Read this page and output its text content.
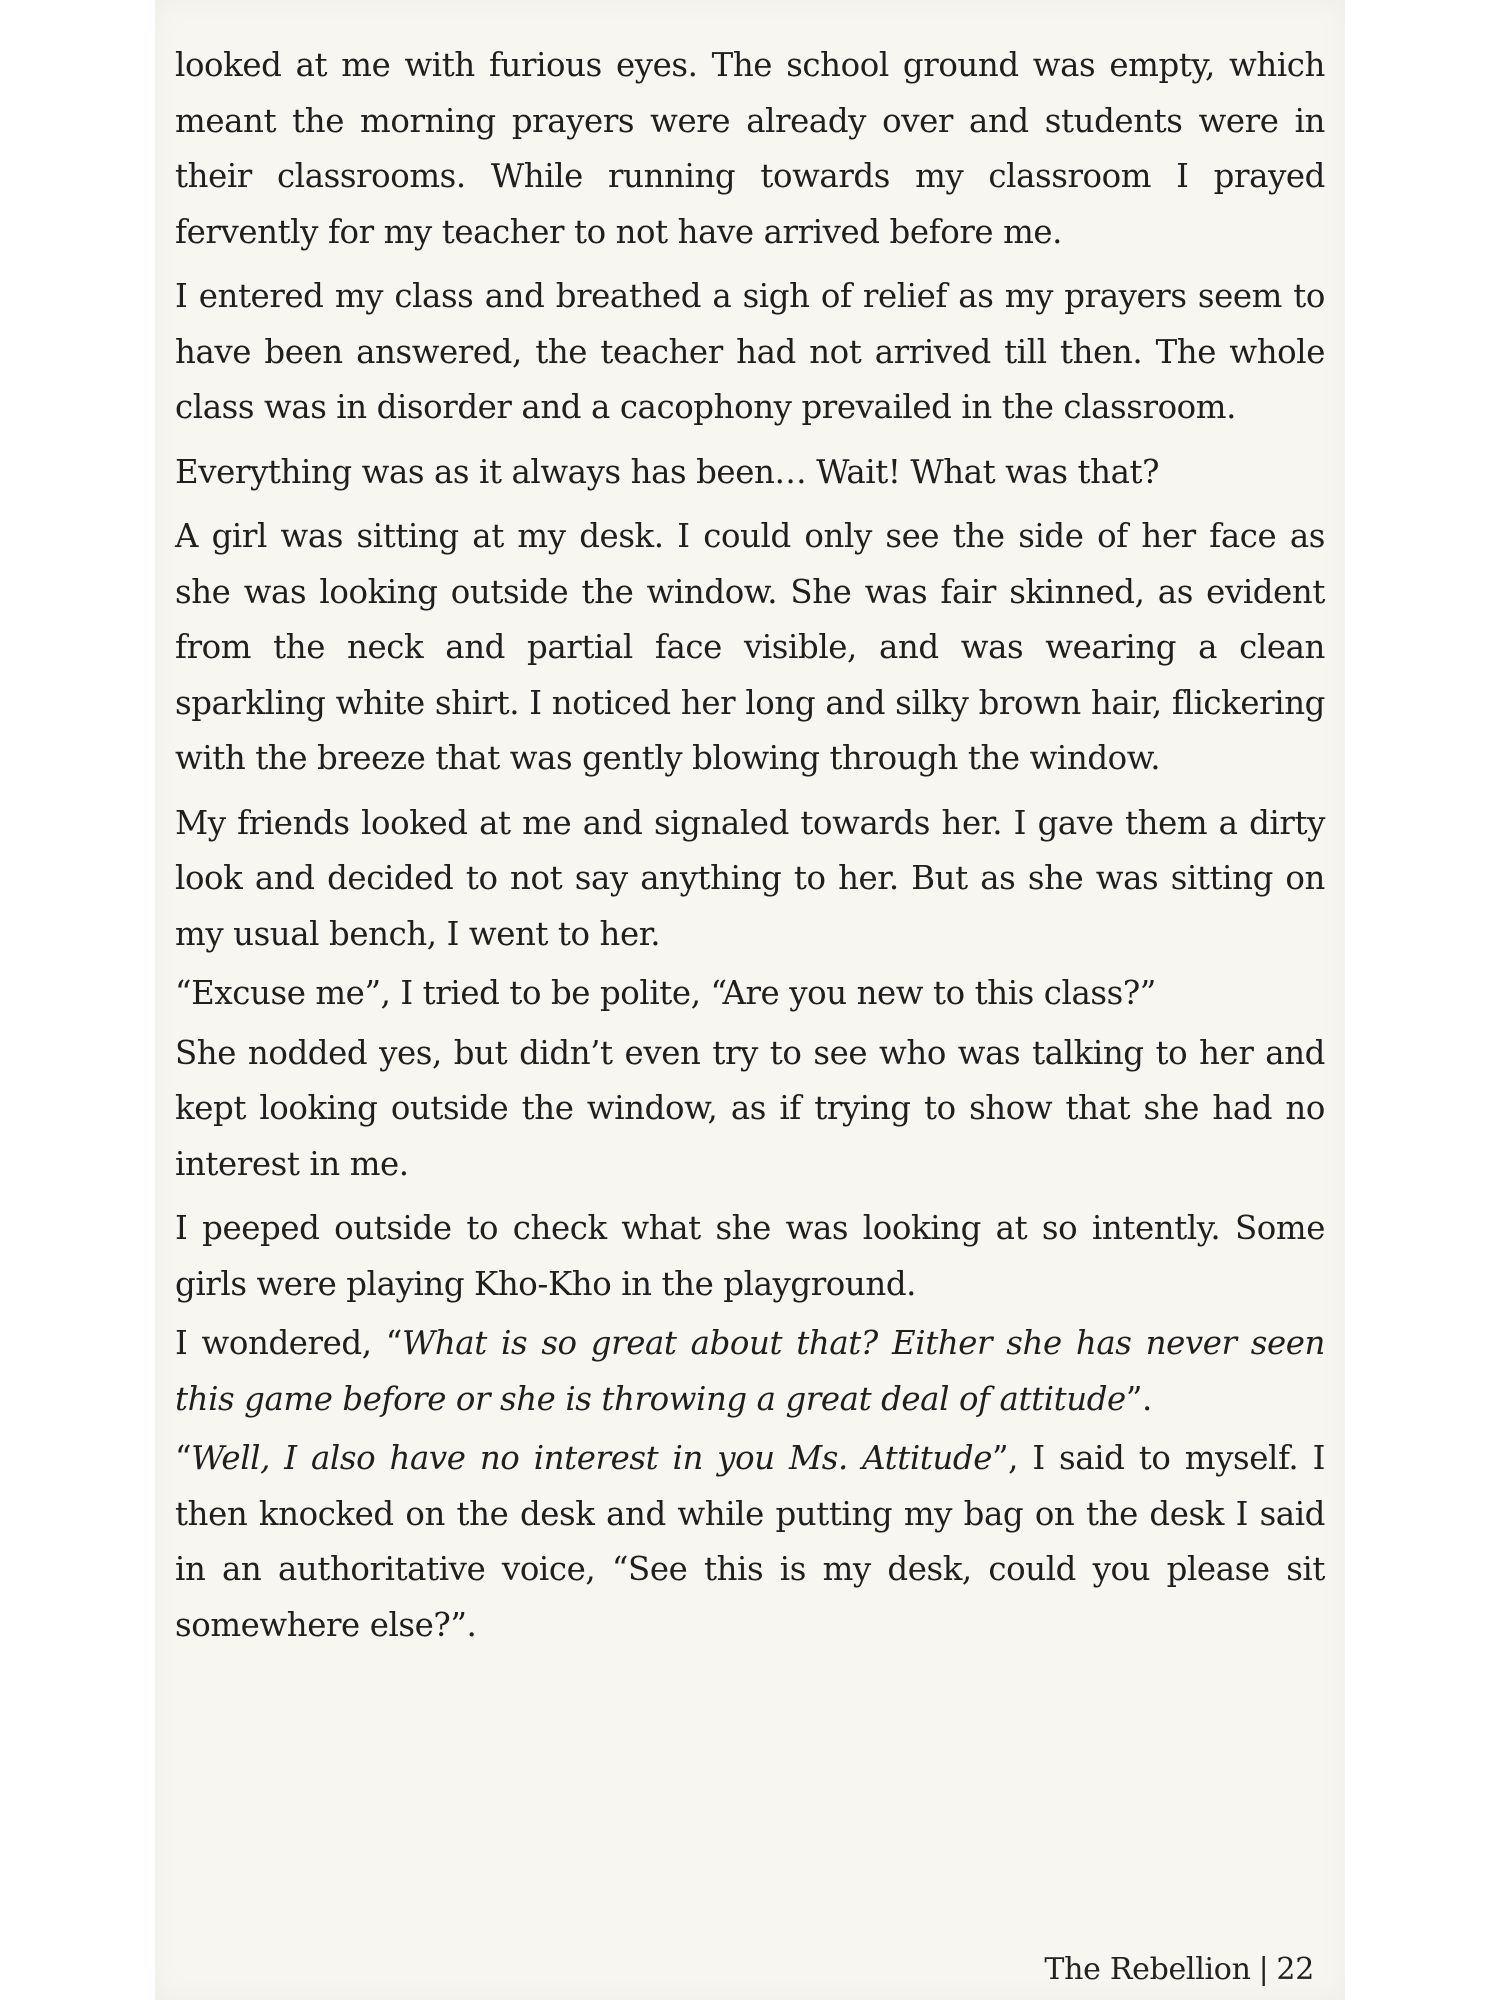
looked at me with furious eyes. The school ground was empty, which meant the morning prayers were already over and students were in their classrooms. While running towards my classroom I prayed fervently for my teacher to not have arrived before me.

I entered my class and breathed a sigh of relief as my prayers seem to have been answered, the teacher had not arrived till then. The whole class was in disorder and a cacophony prevailed in the classroom.

Everything was as it always has been… Wait! What was that?

A girl was sitting at my desk. I could only see the side of her face as she was looking outside the window. She was fair skinned, as evident from the neck and partial face visible, and was wearing a clean sparkling white shirt. I noticed her long and silky brown hair, flickering with the breeze that was gently blowing through the window.

My friends looked at me and signaled towards her. I gave them a dirty look and decided to not say anything to her. But as she was sitting on my usual bench, I went to her.

“Excuse me”, I tried to be polite, “Are you new to this class?”

She nodded yes, but didn’t even try to see who was talking to her and kept looking outside the window, as if trying to show that she had no interest in me.

I peeped outside to check what she was looking at so intently. Some girls were playing Kho-Kho in the playground.

I wondered, “What is so great about that? Either she has never seen this game before or she is throwing a great deal of attitude”.

“Well, I also have no interest in you Ms. Attitude”, I said to myself. I then knocked on the desk and while putting my bag on the desk I said in an authoritative voice, “See this is my desk, could you please sit somewhere else?”.

The Rebellion | 22
